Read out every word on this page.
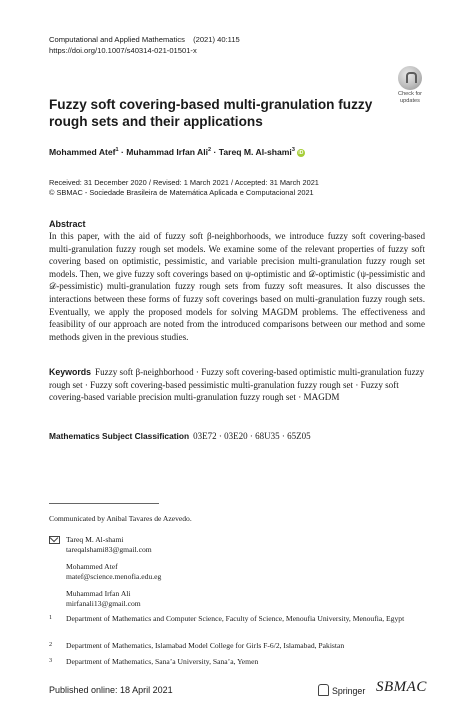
Computational and Applied Mathematics (2021) 40:115
https://doi.org/10.1007/s40314-021-01501-x
Check for
updates
Fuzzy soft covering-based multi-granulation fuzzy rough sets and their applications
Mohammed Atef$^1$ · Muhammad Irfan Ali$^2$ · Tareq M. Al-shami$^3$ iD
Received: 31 December 2020 / Revised: 1 March 2021 / Accepted: 31 March 2021
© SBMAC - Sociedade Brasileira de Matemática Aplicada e Computacional 2021
Abstract
In this paper, with the aid of fuzzy soft β-neighborhoods, we introduce fuzzy soft covering-based multi-granulation fuzzy rough set models. We examine some of the relevant properties of fuzzy soft covering based on optimistic, pessimistic, and variable precision multi-granulation fuzzy rough set models. Then, we give fuzzy soft coverings based on ψ-optimistic and 𝒟-optimistic (ψ-pessimistic and 𝒟-pessimistic) multi-granulation fuzzy rough sets from fuzzy soft measures. It also discusses the interactions between these forms of fuzzy soft coverings based on multi-granulation fuzzy rough sets. Eventually, we apply the proposed models for solving MAGDM problems. The effectiveness and feasibility of our approach are noted from the introduced comparisons between our method and some methods given in the previous studies.
Keywords Fuzzy soft β-neighborhood · Fuzzy soft covering-based optimistic multi-granulation fuzzy rough set · Fuzzy soft covering-based pessimistic multi-granulation fuzzy rough set · Fuzzy soft covering-based variable precision multi-granulation fuzzy rough set · MAGDM
Mathematics Subject Classification 03E72 · 03E20 · 68U35 · 65Z05
Communicated by Anibal Tavares de Azevedo.
Tareq M. Al-shami
tareqalshami83@gmail.com
Mohammed Atef
matef@science.menofia.edu.eg
Muhammad Irfan Ali
mirfanali13@gmail.com
1 Department of Mathematics and Computer Science, Faculty of Science, Menoufia University, Menoufia, Egypt
2 Department of Mathematics, Islamabad Model College for Girls F-6/2, Islamabad, Pakistan
3 Department of Mathematics, Sana’a University, Sana’a, Yemen
Published online: 18 April 2021	Springer SBMAC
